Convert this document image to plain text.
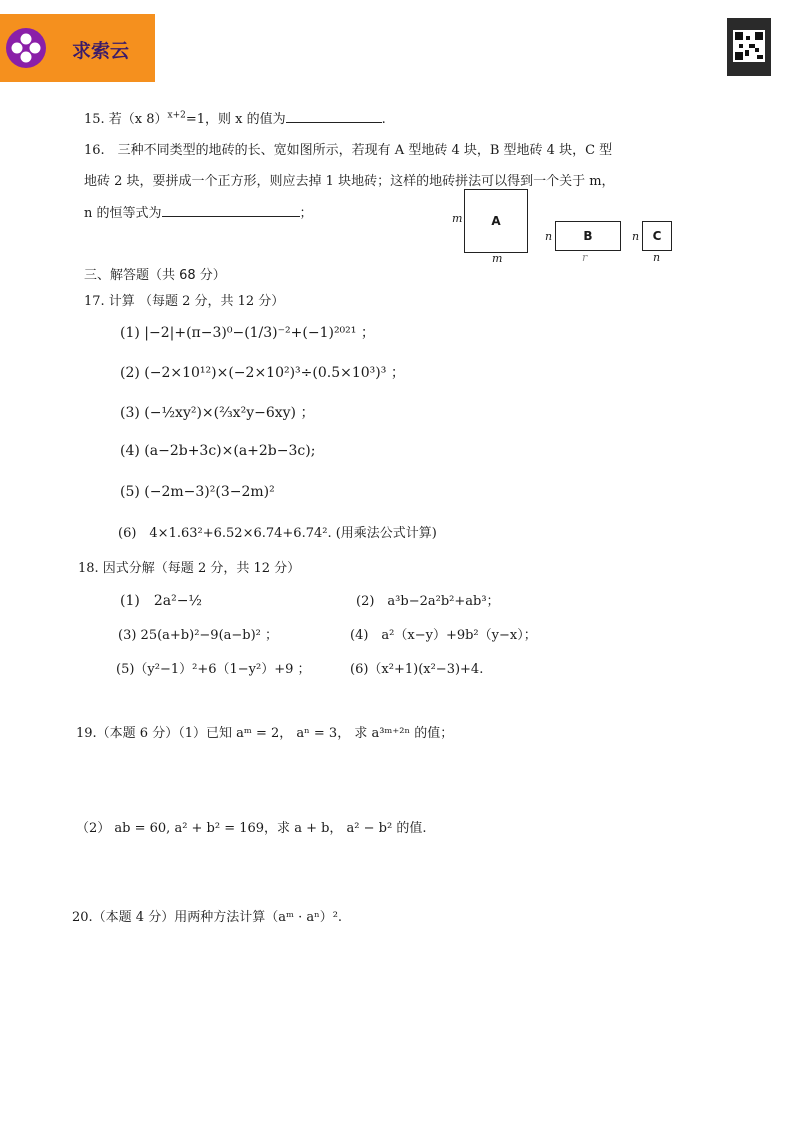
求索云
15. 若（x 8）$^{x+2}$=1，则 x 的值为	.
16.　三种不同类型的地砖的长、宽如图所示，若现有 A 型地砖 4 块，B 型地砖 4 块，C 型
地砖 2 块，要拼成一个正方形，则应去掉 1 块地砖；这样的地砖拼法可以得到一个关于 m，
n 的恒等式为	；	m A
m
n	B
r
n C
n
三、解答题（共 68 分）
17. 计算 （每题 2 分，共 12 分）
(1) |−2|+(π−3)⁰−(1/3)⁻²+(−1)²⁰²¹ ；
(2) (−2×10¹²)×(−2×10²)³÷(0.5×10³)³ ；
(3) (−½xy²)×(⅔x²y−6xy) ；
(4) (a−2b+3c)×(a+2b−3c);
(5) (−2m−3)²(3−2m)²
(6)　4×1.63²+6.52×6.74+6.74². (用乘法公式计算)
18. 因式分解（每题 2 分，共 12 分）
(1)　2a²−½	(2)　a³b−2a²b²+ab³；
(3) 25(a+b)²−9(a−b)² ；	(4)　a²（x−y）+9b²（y−x）；
(5)（y²−1）²+6（1−y²）+9 ；	(6)（x²+1)(x²−3)+4.
19.（本题 6 分）（1）已知 aᵐ = 2， aⁿ = 3， 求 a³ᵐ⁺²ⁿ 的值；
（2） ab = 60, a² + b² = 169，求 a + b， a² − b² 的值.
20.（本题 4 分）用两种方法计算（aᵐ · aⁿ）².
